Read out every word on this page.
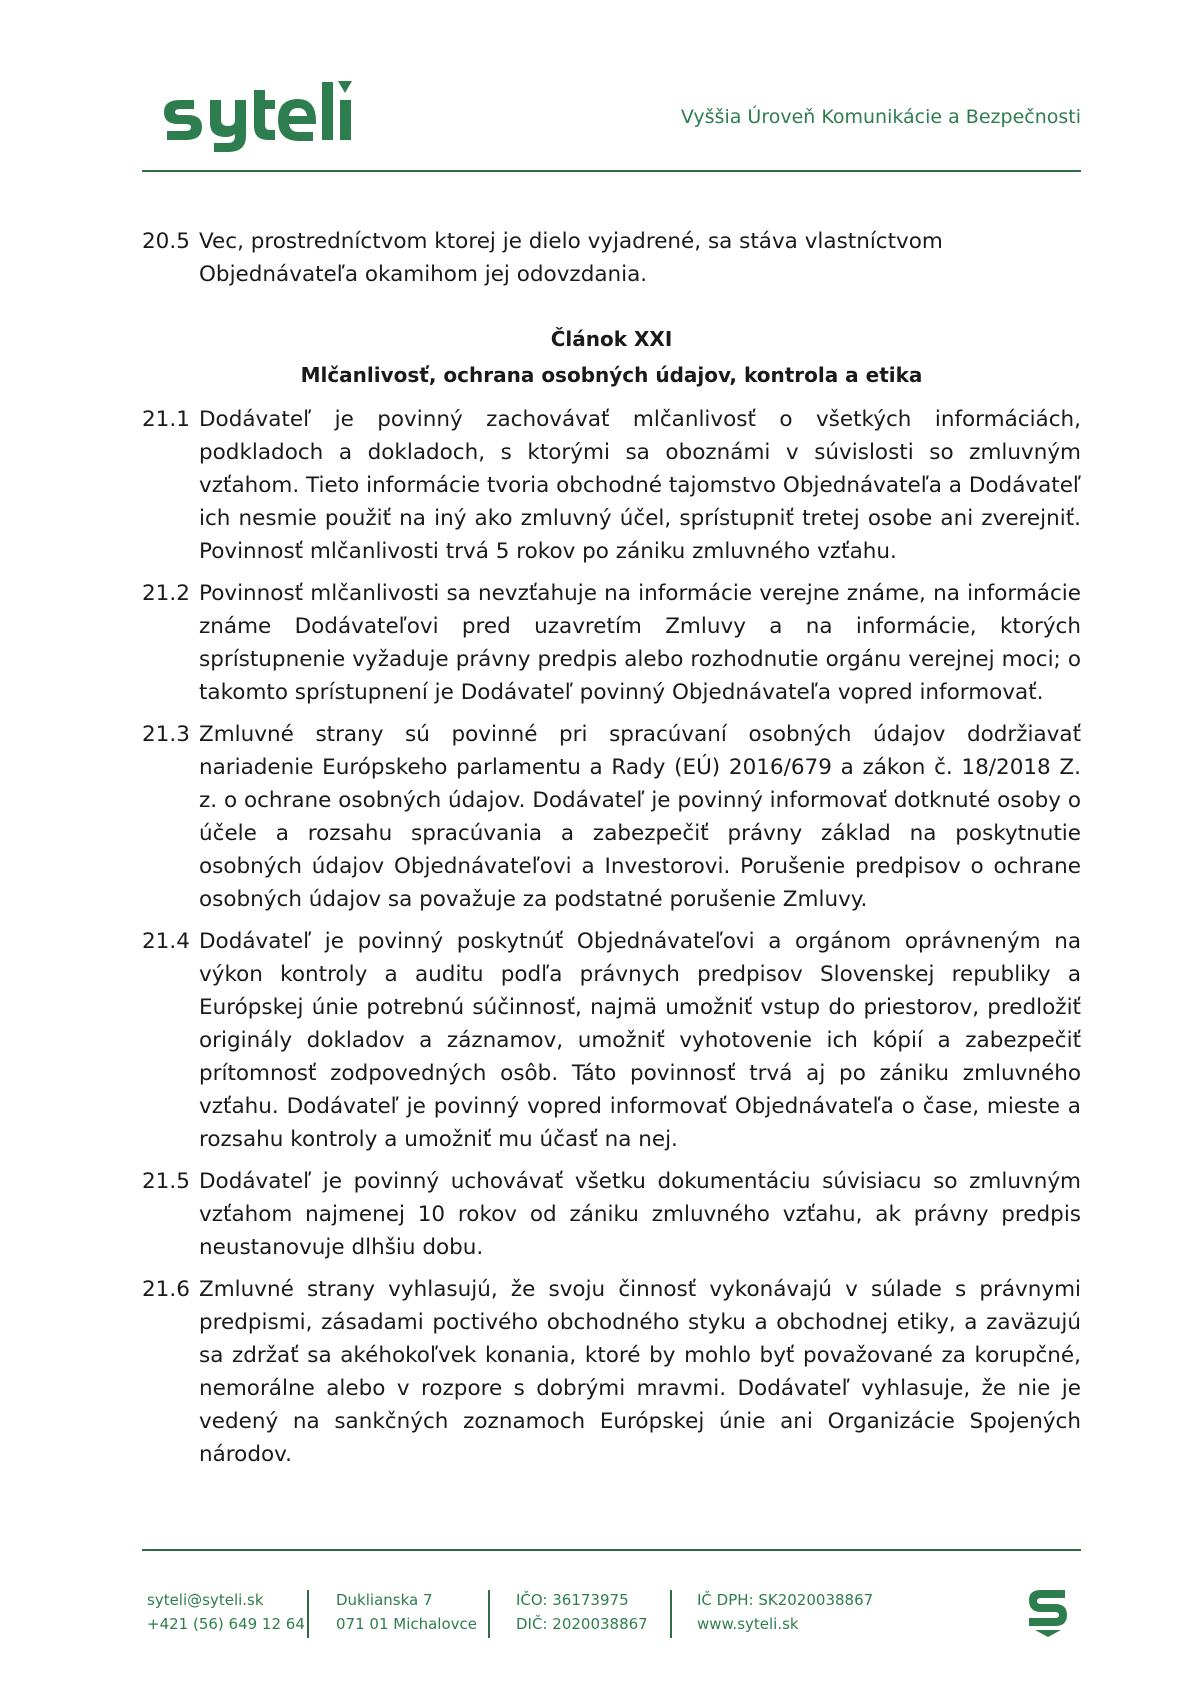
Vyššia Úroveň Komunikácie a Bezpečnosti
20.5 Vec, prostredníctvom ktorej je dielo vyjadrené, sa stáva vlastníctvom Objednávateľa okamihom jej odovzdania.
Článok XXI
Mlčanlivosť, ochrana osobných údajov, kontrola a etika
21.1 Dodávateľ je povinný zachovávať mlčanlivosť o všetkých informáciách, podkladoch a dokladoch, s ktorými sa oboznámi v súvislosti so zmluvným vzťahom. Tieto informácie tvoria obchodné tajomstvo Objednávateľa a Dodávateľ ich nesmie použiť na iný ako zmluvný účel, sprístupniť tretej osobe ani zverejniť. Povinnosť mlčanlivosti trvá 5 rokov po zániku zmluvného vzťahu.
21.2 Povinnosť mlčanlivosti sa nevzťahuje na informácie verejne známe, na informácie známe Dodávateľovi pred uzavretím Zmluvy a na informácie, ktorých sprístupnenie vyžaduje právny predpis alebo rozhodnutie orgánu verejnej moci; o takomto sprístupnení je Dodávateľ povinný Objednávateľa vopred informovať.
21.3 Zmluvné strany sú povinné pri spracúvaní osobných údajov dodržiavať nariadenie Európskeho parlamentu a Rady (EÚ) 2016/679 a zákon č. 18/2018 Z. z. o ochrane osobných údajov. Dodávateľ je povinný informovať dotknuté osoby o účele a rozsahu spracúvania a zabezpečiť právny základ na poskytnutie osobných údajov Objednávateľovi a Investorovi. Porušenie predpisov o ochrane osobných údajov sa považuje za podstatné porušenie Zmluvy.
21.4 Dodávateľ je povinný poskytnúť Objednávateľovi a orgánom oprávneným na výkon kontroly a auditu podľa právnych predpisov Slovenskej republiky a Európskej únie potrebnú súčinnosť, najmä umožniť vstup do priestorov, predložiť originály dokladov a záznamov, umožniť vyhotovenie ich kópií a zabezpečiť prítomnosť zodpovedných osôb. Táto povinnosť trvá aj po zániku zmluvného vzťahu. Dodávateľ je povinný vopred informovať Objednávateľa o čase, mieste a rozsahu kontroly a umožniť mu účasť na nej.
21.5 Dodávateľ je povinný uchovávať všetku dokumentáciu súvisiacu so zmluvným vzťahom najmenej 10 rokov od zániku zmluvného vzťahu, ak právny predpis neustanovuje dlhšiu dobu.
21.6 Zmluvné strany vyhlasujú, že svoju činnosť vykonávajú v súlade s právnymi predpismi, zásadami poctivého obchodného styku a obchodnej etiky, a zaväzujú sa zdržať sa akéhokoľvek konania, ktoré by mohlo byť považované za korupčné, nemorálne alebo v rozpore s dobrými mravmi. Dodávateľ vyhlasuje, že nie je vedený na sankčných zoznamoch Európskej únie ani Organizácie Spojených národov.
syteli@syteli.sk
+421 (56) 649 12 64
Duklianska 7
071 01 Michalovce
IČO: 36173975
DIČ: 2020038867
IČ DPH: SK2020038867
www.syteli.sk
